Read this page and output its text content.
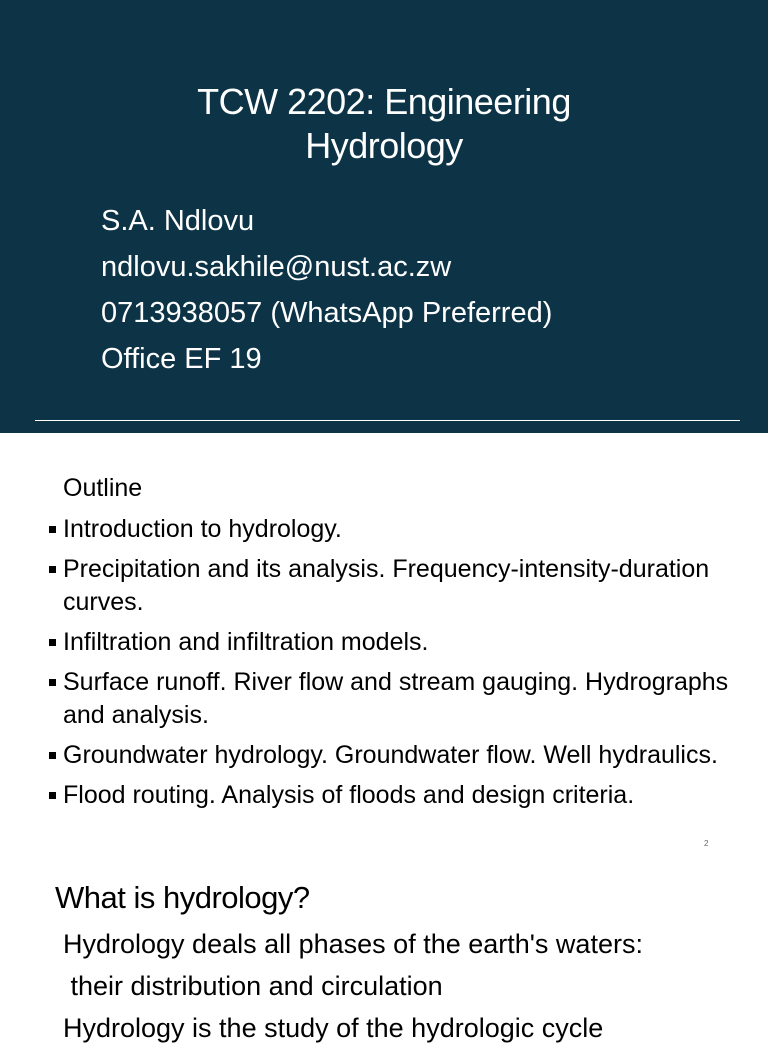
TCW 2202: Engineering
Hydrology
S.A. Ndlovu
ndlovu.sakhile@nust.ac.zw
0713938057 (WhatsApp Preferred)
Office EF 19
Outline
Introduction to hydrology.
Precipitation and its analysis. Frequency-intensity-duration curves.
Infiltration and infiltration models.
Surface runoff. River flow and stream gauging. Hydrographs and analysis.
Groundwater hydrology. Groundwater flow. Well hydraulics.
Flood routing. Analysis of floods and design criteria.
2
What is hydrology?
Hydrology deals all phases of the earth's waters:
their distribution and circulation
Hydrology is the study of the hydrologic cycle
